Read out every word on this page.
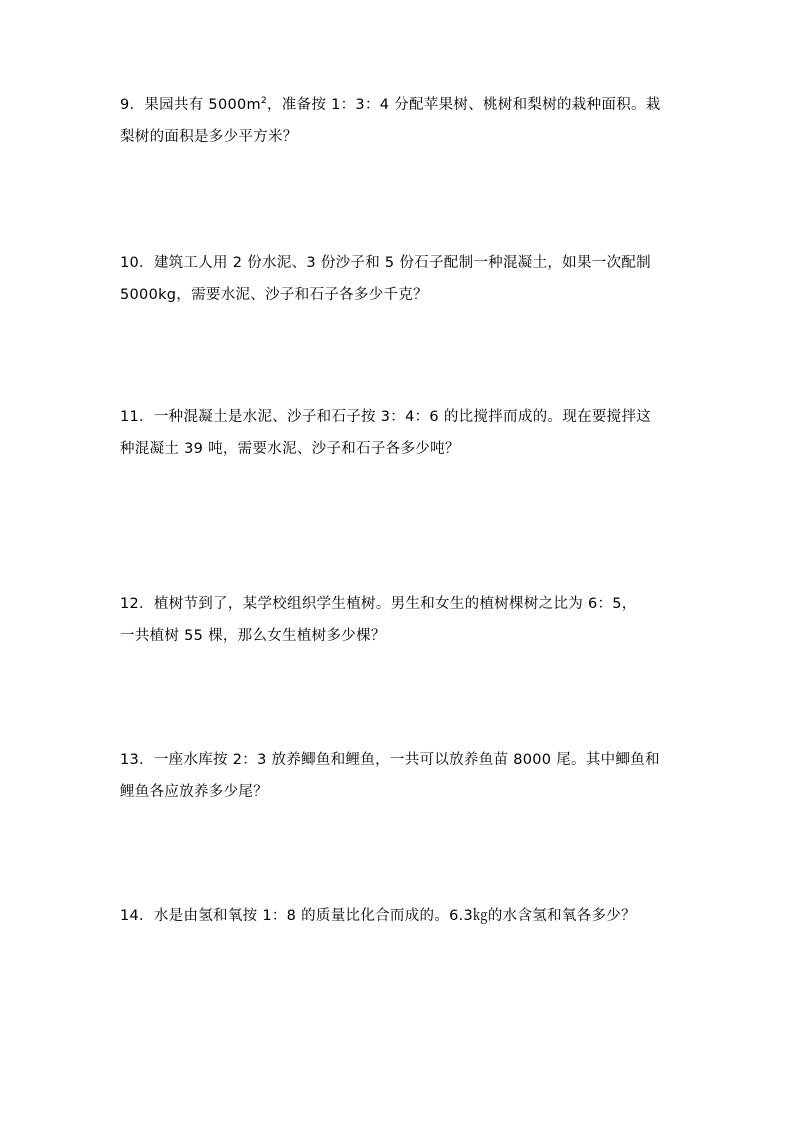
9．果园共有 $5000m^2$，准备按 1：3：4 分配苹果树、桃树和梨树的栽种面积。栽
梨树的面积是多少平方米？
10．建筑工人用 2 份水泥、3 份沙子和 5 份石子配制一种混凝土，如果一次配制
5000kg，需要水泥、沙子和石子各多少千克？
11．一种混凝土是水泥、沙子和石子按 3：4：6 的比搅拌而成的。现在要搅拌这
种混凝土 39 吨，需要水泥、沙子和石子各多少吨？
12．植树节到了，某学校组织学生植树。男生和女生的植树棵树之比为 6：5，
一共植树 55 棵，那么女生植树多少棵？
13．一座水库按 2：3 放养鲫鱼和鲤鱼，一共可以放养鱼苗 8000 尾。其中鲫鱼和
鲤鱼各应放养多少尾？
14．水是由氢和氧按 1：8 的质量比化合而成的。6.3㎏的水含氢和氧各多少？
